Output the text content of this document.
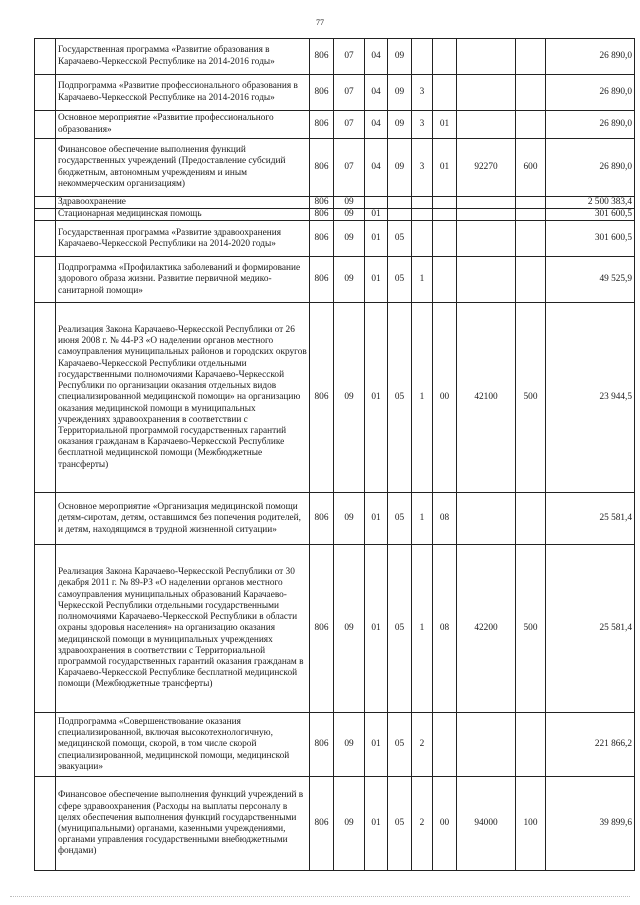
77
	Государственная программа «Развитие образования в Карачаево-Черкесской Республике на 2014-2016 годы»	806	07	04	09					26 890,0
	Подпрограмма «Развитие профессионального образования в Карачаево-Черкесской Республике на 2014-2016 годы»	806	07	04	09	3				26 890,0
	Основное мероприятие «Развитие профессионального образования»	806	07	04	09	3	01			26 890,0
	Финансовое обеспечение выполнения функций государственных учреждений (Предоставление субсидий бюджетным, автономным учреждениям и иным некоммерческим организациям)	806	07	04	09	3	01	92270	600	26 890,0
	Здравоохранение	806	09							2 500 383,4
	Стационарная медицинская помощь	806	09	01						301 600,5
	Государственная программа «Развитие здравоохранения Карачаево-Черкесской Республики на 2014-2020 годы»	806	09	01	05					301 600,5
	Подпрограмма «Профилактика заболеваний и формирование здорового образа жизни. Развитие первичной медико-санитарной помощи»	806	09	01	05	1				49 525,9
	Реализация Закона Карачаево-Черкесской Республики от 26 июня 2008 г. № 44-РЗ «О наделении органов местного самоуправления муниципальных районов и городских округов Карачаево-Черкесской Республики отдельными государственными полномочиями Карачаево-Черкесской Республики по организации оказания отдельных видов специализированной медицинской помощи» на организацию оказания медицинской помощи в муниципальных учреждениях здравоохранения в соответствии с Территориальной программой государственных гарантий оказания гражданам в Карачаево-Черкесской Республике бесплатной медицинской помощи (Межбюджетные трансферты)	806	09	01	05	1	00	42100	500	23 944,5
	Основное мероприятие «Организация медицинской помощи детям-сиротам, детям, оставшимся без попечения родителей, и детям, находящимся в трудной жизненной ситуации»	806	09	01	05	1	08			25 581,4
	Реализация Закона Карачаево-Черкесской Республики от 30 декабря 2011 г. № 89-РЗ «О наделении органов местного самоуправления муниципальных образований Карачаево-Черкесской Республики отдельными государственными полномочиями Карачаево-Черкесской Республики в области охраны здоровья населения» на организацию оказания медицинской помощи в муниципальных учреждениях здравоохранения в соответствии с Территориальной программой государственных гарантий оказания гражданам в Карачаево-Черкесской Республике бесплатной медицинской помощи (Межбюджетные трансферты)	806	09	01	05	1	08	42200	500	25 581,4
	Подпрограмма «Совершенствование оказания специализированной, включая высокотехнологичную, медицинской помощи, скорой, в том числе скорой специализированной, медицинской помощи, медицинской эвакуации»	806	09	01	05	2				221 866,2
	Финансовое обеспечение выполнения функций учреждений в сфере здравоохранения (Расходы на выплаты персоналу в целях обеспечения выполнения функций государственными (муниципальными) органами, казенными учреждениями, органами управления государственными внебюджетными фондами)	806	09	01	05	2	00	94000	100	39 899,6
